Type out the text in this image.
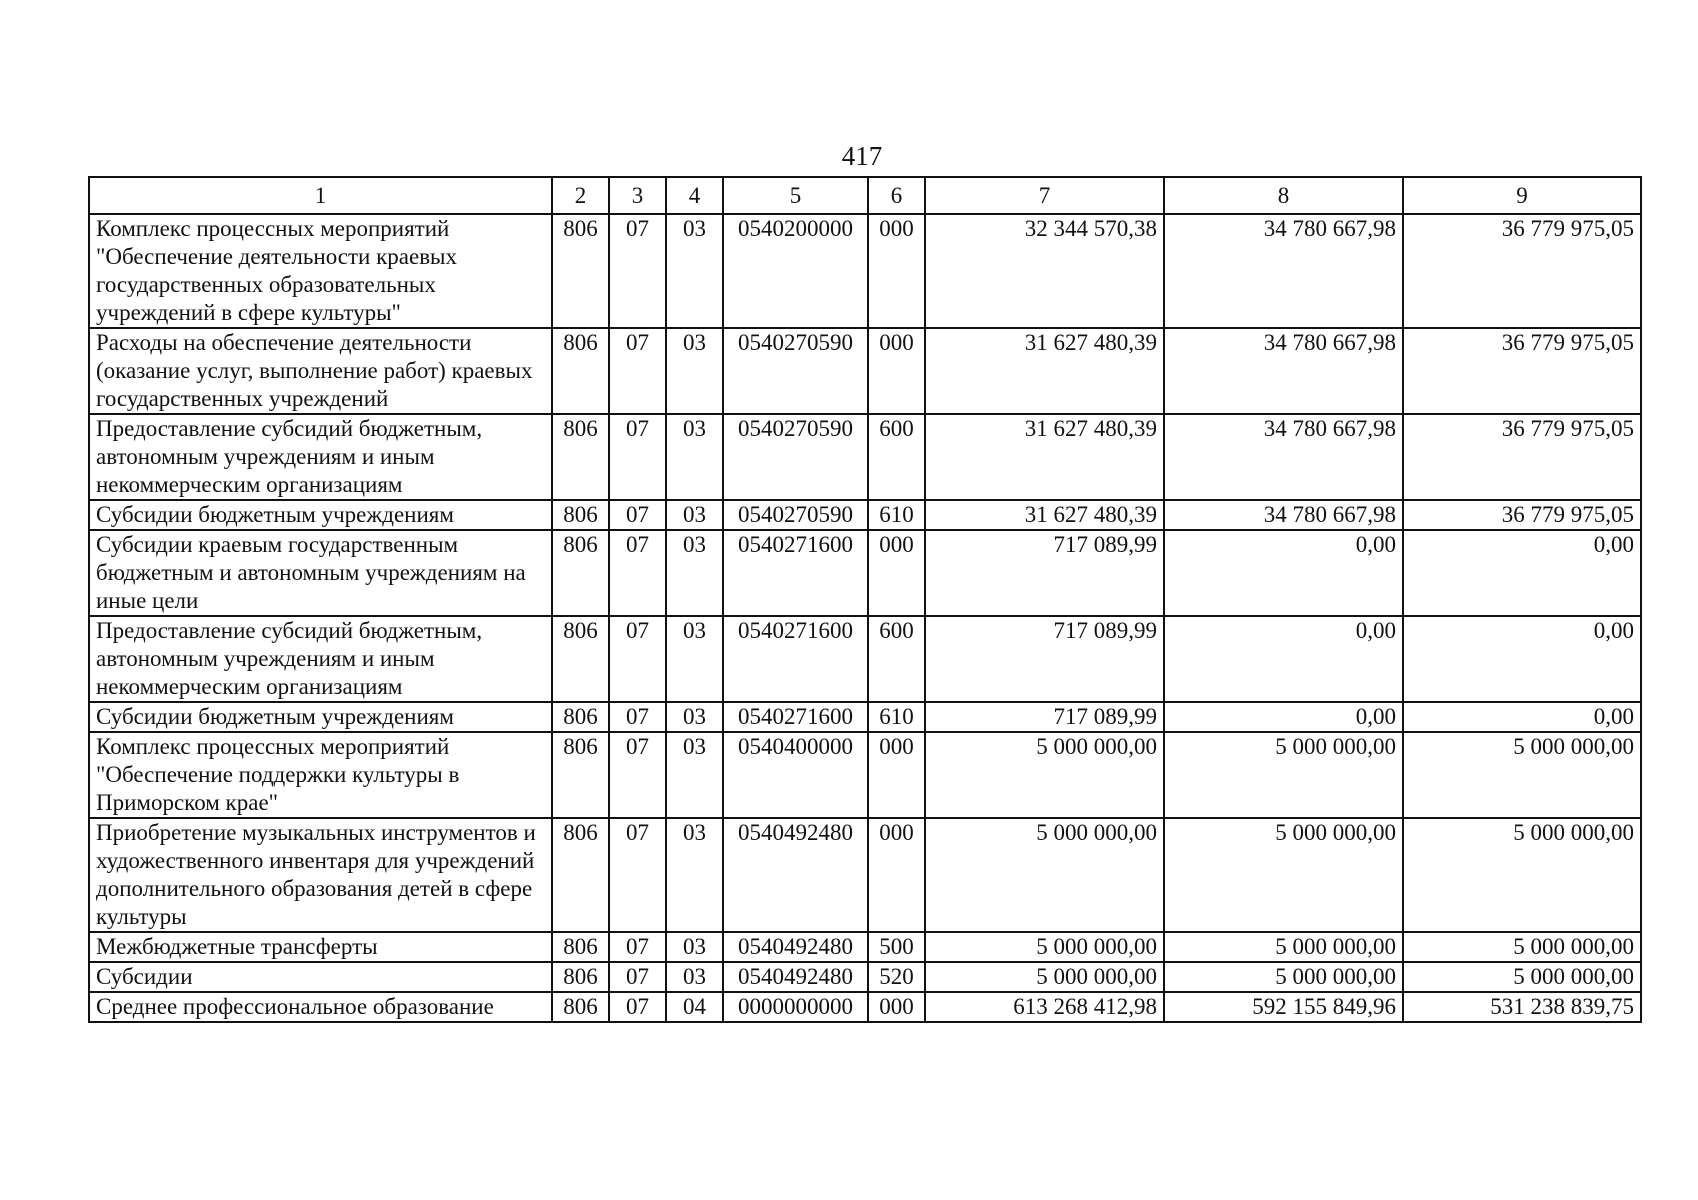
417
1	2	3	4	5	6	7	8	9
Комплекс процессных мероприятий "Обеспечение деятельности краевых государственных образовательных учреждений в сфере культуры"	806	07	03	0540200000	000	32 344 570,38	34 780 667,98	36 779 975,05
Расходы на обеспечение деятельности (оказание услуг, выполнение работ) краевых государственных учреждений	806	07	03	0540270590	000	31 627 480,39	34 780 667,98	36 779 975,05
Предоставление субсидий бюджетным, автономным учреждениям и иным некоммерческим организациям	806	07	03	0540270590	600	31 627 480,39	34 780 667,98	36 779 975,05
Субсидии бюджетным учреждениям	806	07	03	0540270590	610	31 627 480,39	34 780 667,98	36 779 975,05
Субсидии краевым государственным бюджетным и автономным учреждениям на иные цели	806	07	03	0540271600	000	717 089,99	0,00	0,00
Предоставление субсидий бюджетным, автономным учреждениям и иным некоммерческим организациям	806	07	03	0540271600	600	717 089,99	0,00	0,00
Субсидии бюджетным учреждениям	806	07	03	0540271600	610	717 089,99	0,00	0,00
Комплекс процессных мероприятий "Обеспечение поддержки культуры в Приморском крае"	806	07	03	0540400000	000	5 000 000,00	5 000 000,00	5 000 000,00
Приобретение музыкальных инструментов и художественного инвентаря для учреждений дополнительного образования детей в сфере культуры	806	07	03	0540492480	000	5 000 000,00	5 000 000,00	5 000 000,00
Межбюджетные трансферты	806	07	03	0540492480	500	5 000 000,00	5 000 000,00	5 000 000,00
Субсидии	806	07	03	0540492480	520	5 000 000,00	5 000 000,00	5 000 000,00
Среднее профессиональное образование	806	07	04	0000000000	000	613 268 412,98	592 155 849,96	531 238 839,75
